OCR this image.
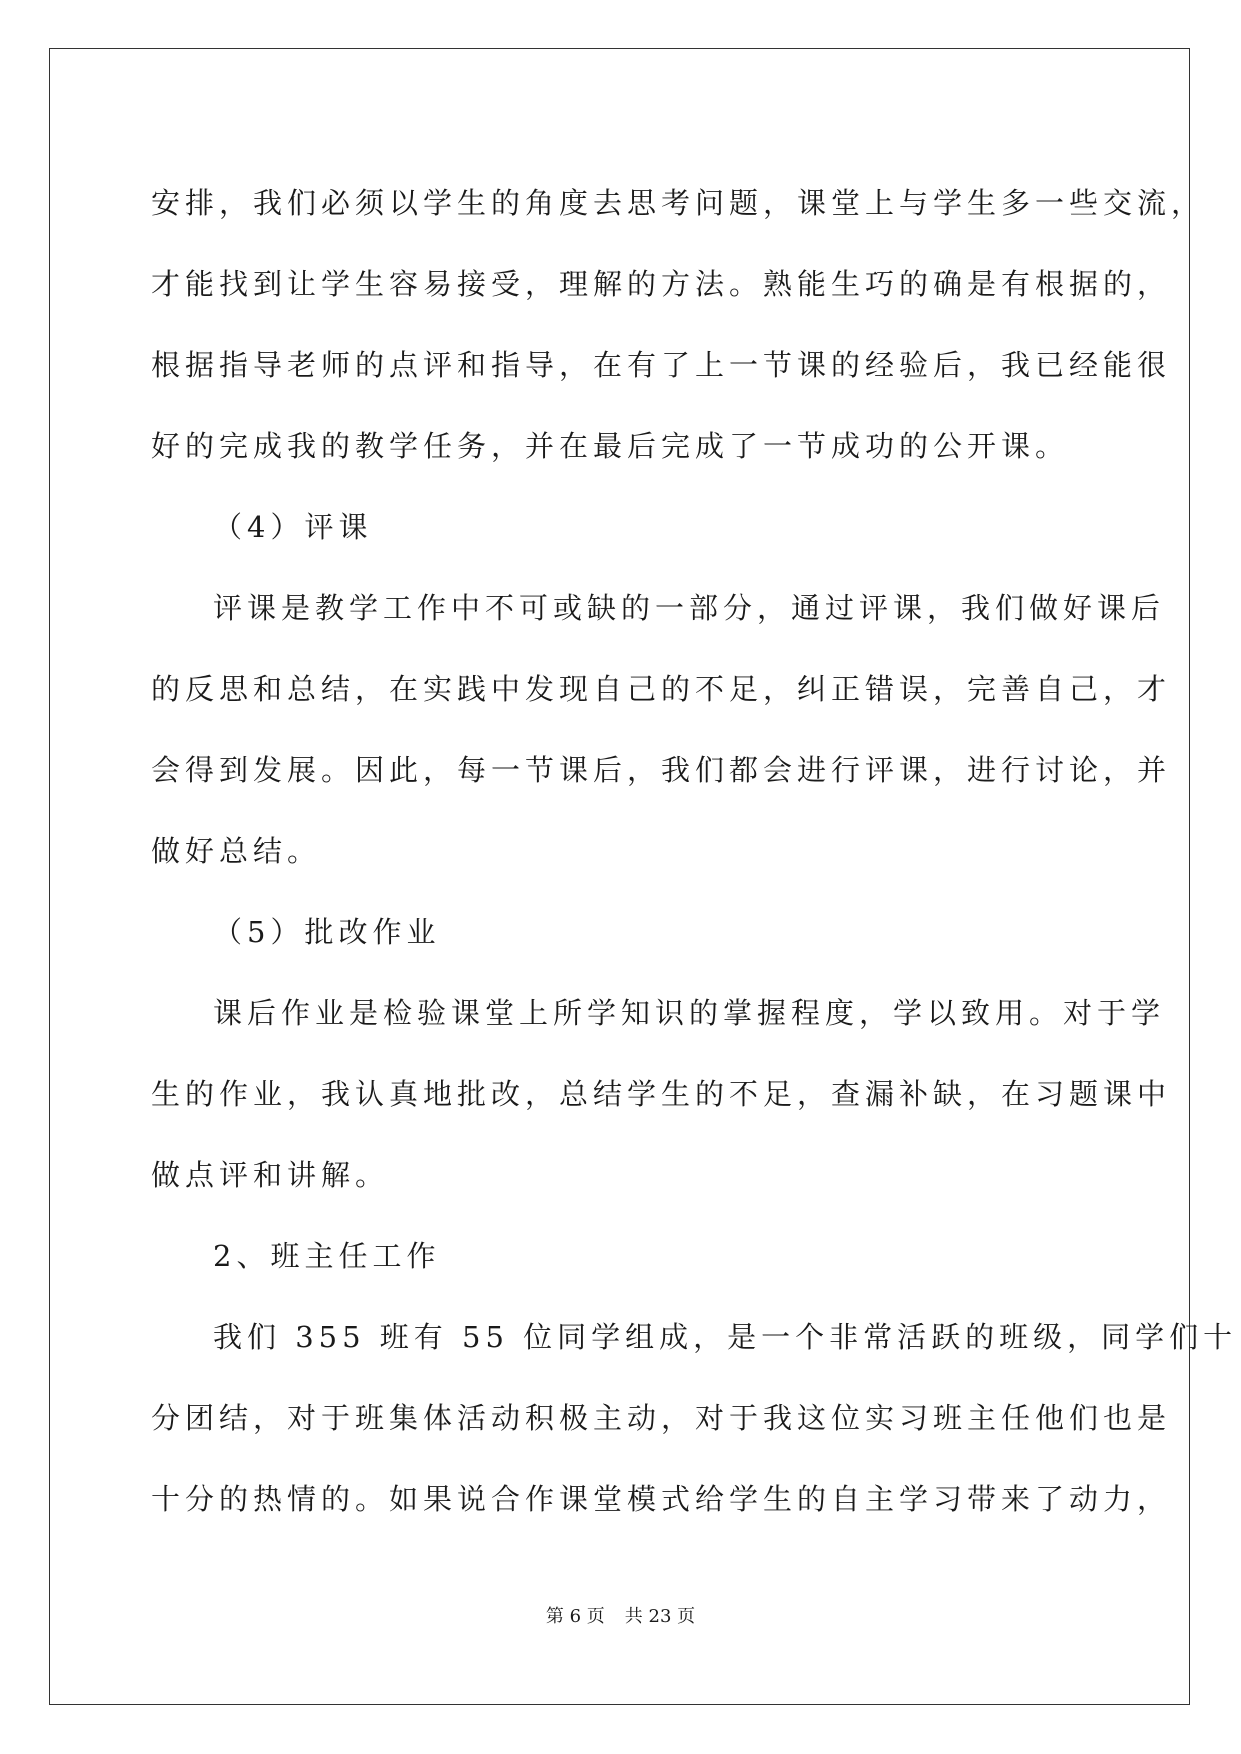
安排，我们必须以学生的角度去思考问题，课堂上与学生多一些交流，
才能找到让学生容易接受，理解的方法。熟能生巧的确是有根据的，
根据指导老师的点评和指导，在有了上一节课的经验后，我已经能很
好的完成我的教学任务，并在最后完成了一节成功的公开课。
（4）评课
评课是教学工作中不可或缺的一部分，通过评课，我们做好课后
的反思和总结，在实践中发现自己的不足，纠正错误，完善自己，才
会得到发展。因此，每一节课后，我们都会进行评课，进行讨论，并
做好总结。
（5）批改作业
课后作业是检验课堂上所学知识的掌握程度，学以致用。对于学
生的作业，我认真地批改，总结学生的不足，查漏补缺，在习题课中
做点评和讲解。
2、班主任工作
我们 355 班有 55 位同学组成，是一个非常活跃的班级，同学们十
分团结，对于班集体活动积极主动，对于我这位实习班主任他们也是
十分的热情的。如果说合作课堂模式给学生的自主学习带来了动力，
第 6 页 共 23 页
